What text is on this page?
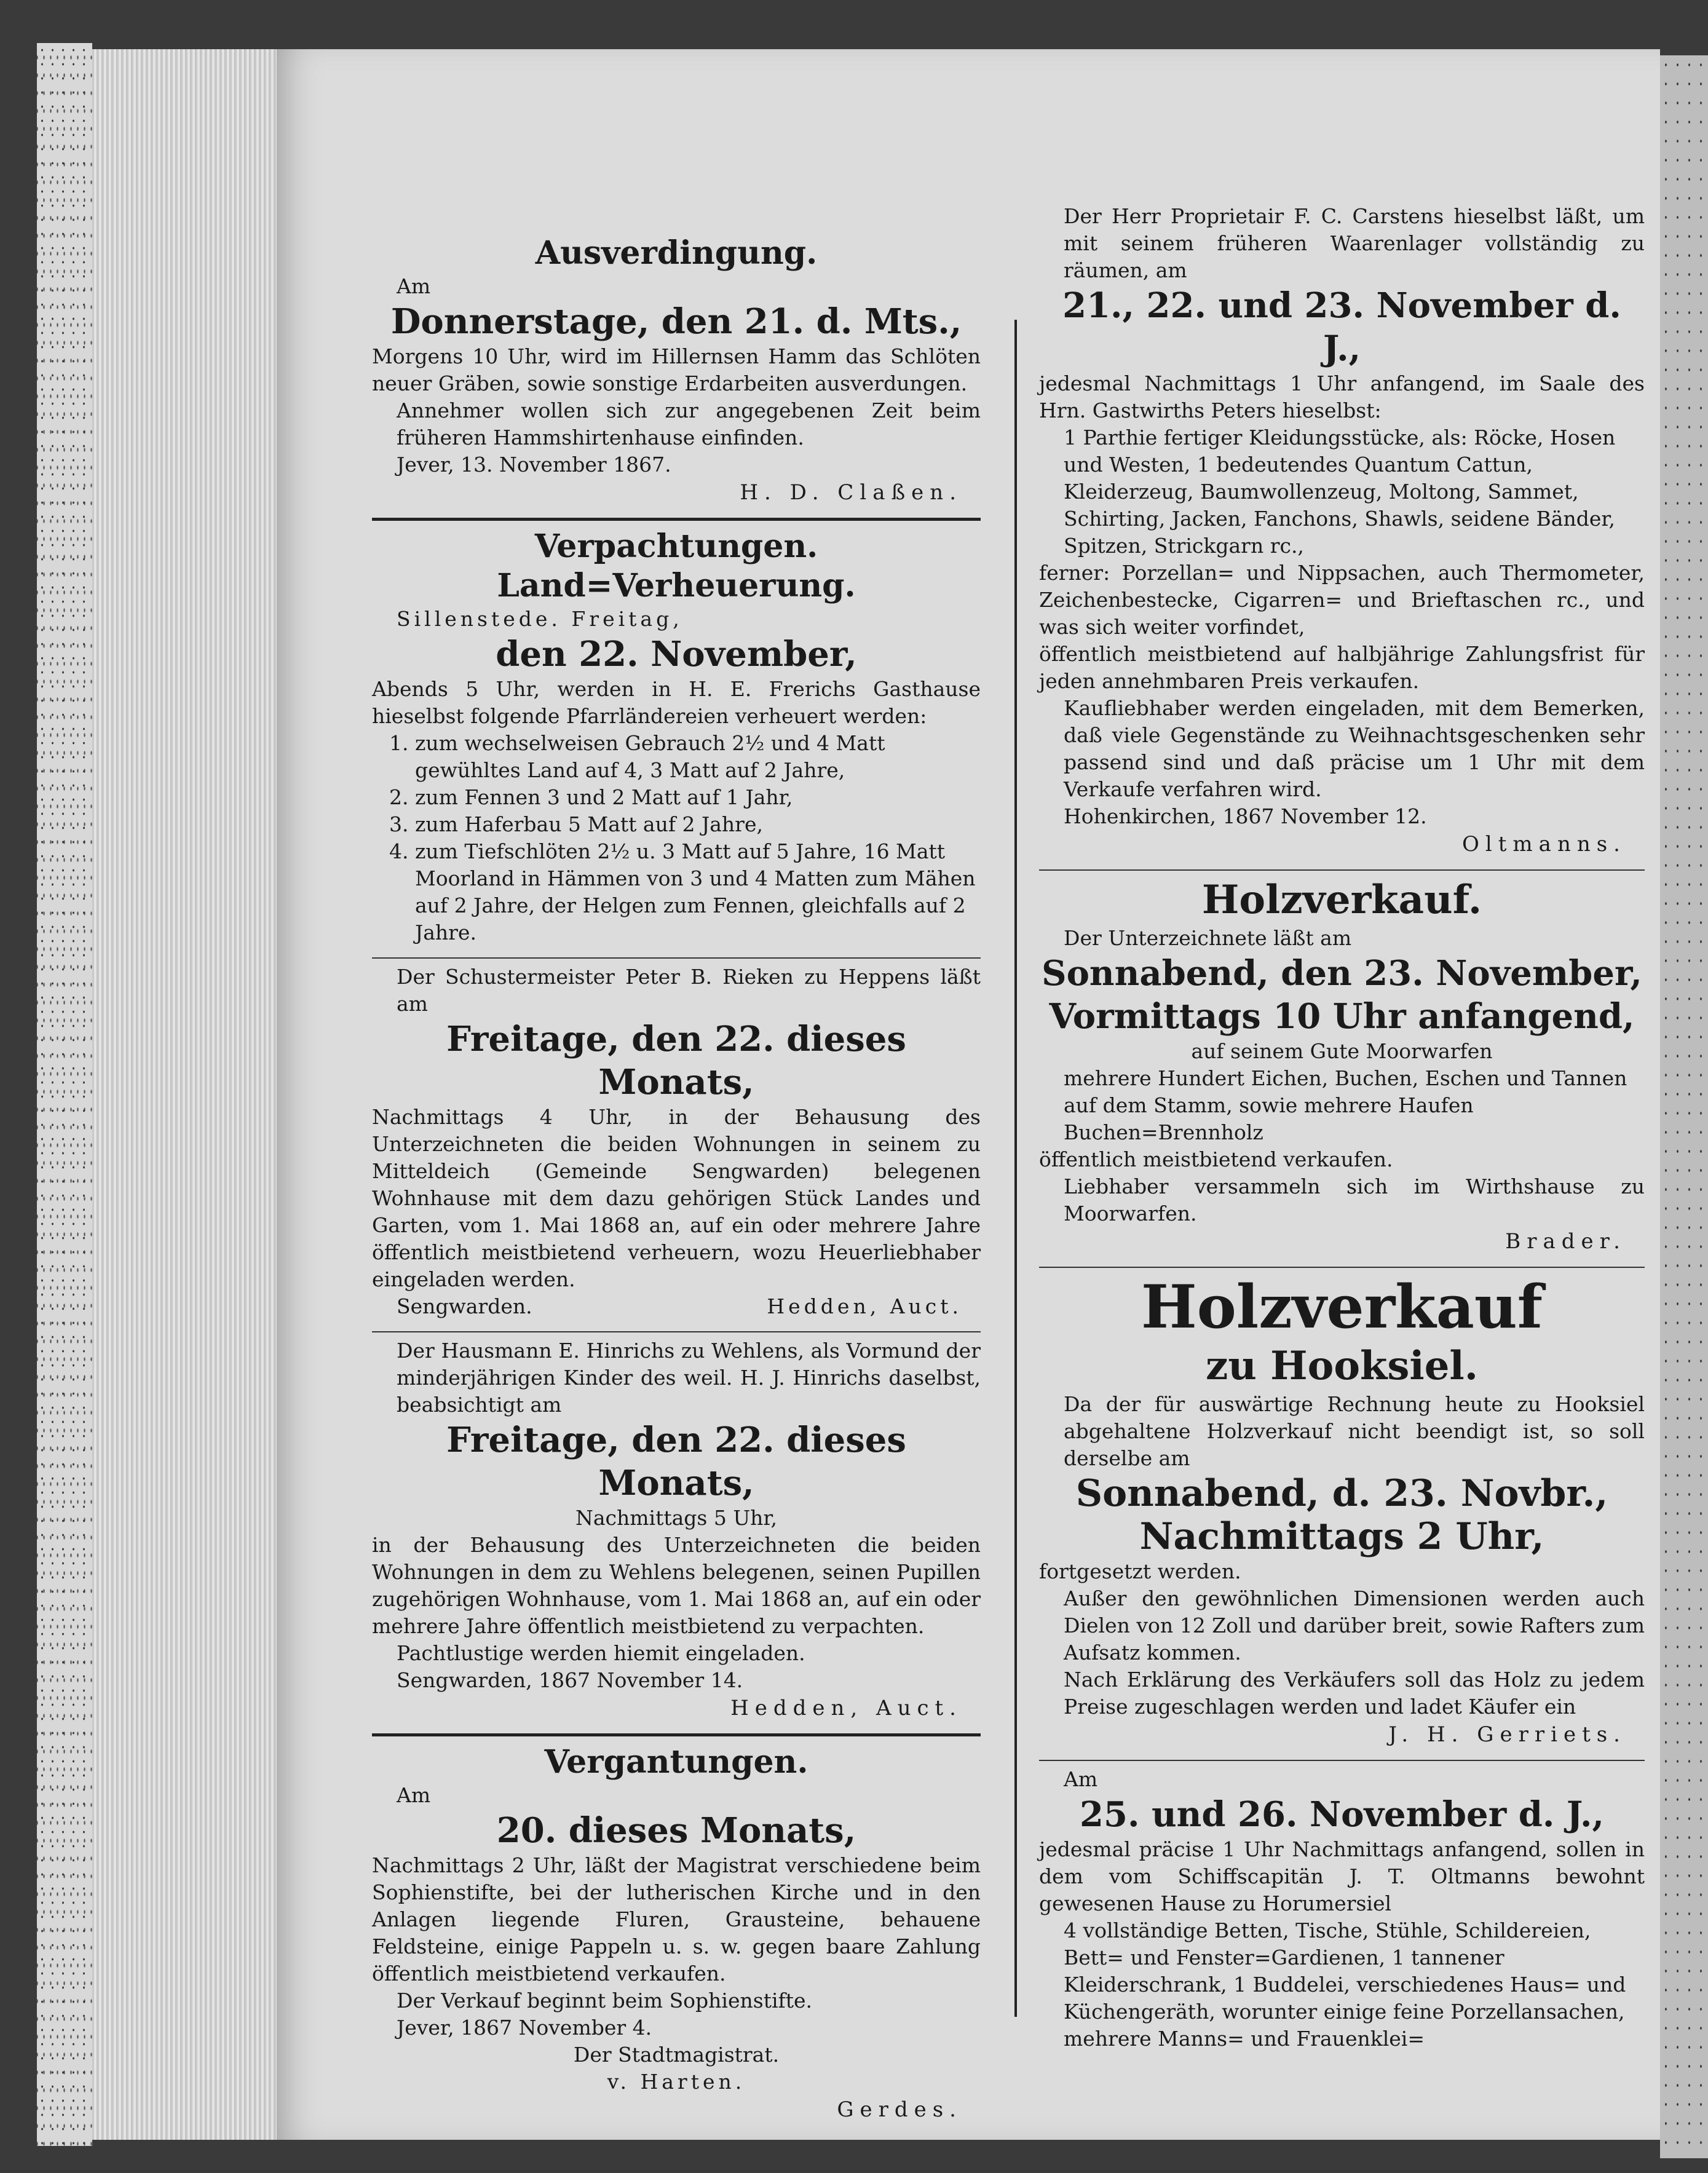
Ausverdingung.
Am
Donnerstage, den 21. d. Mts.,
Morgens 10 Uhr, wird im Hillernsen Hamm das Schlöten neuer Gräben, sowie sonstige Erdarbeiten ausverdungen.
Annehmer wollen sich zur angegebenen Zeit beim früheren Hammshirtenhause einfinden.
Jever, 13. November 1867.
H. D. Claßen.
Verpachtungen.
Land=Verheuerung.
Sillenstede. Freitag,
den 22. November,
Abends 5 Uhr, werden in H. E. Frerichs Gasthause hieselbst folgende Pfarrländereien verheuert werden:
1. zum wechselweisen Gebrauch 2½ und 4 Matt gewühltes Land auf 4, 3 Matt auf 2 Jahre,
2. zum Fennen 3 und 2 Matt auf 1 Jahr,
3. zum Haferbau 5 Matt auf 2 Jahre,
4. zum Tiefschlöten 2½ u. 3 Matt auf 5 Jahre, 16 Matt Moorland in Hämmen von 3 und 4 Matten zum Mähen auf 2 Jahre, der Helgen zum Fennen, gleichfalls auf 2 Jahre.
Der Schustermeister Peter B. Rieken zu Heppens läßt am
Freitage, den 22. dieses Monats,
Nachmittags 4 Uhr, in der Behausung des Unterzeichneten die beiden Wohnungen in seinem zu Mitteldeich (Gemeinde Sengwarden) belegenen Wohnhause mit dem dazu gehörigen Stück Landes und Garten, vom 1. Mai 1868 an, auf ein oder mehrere Jahre öffentlich meistbietend verheuern, wozu Heuerliebhaber eingeladen werden.
Sengwarden.	Hedden, Auct.
Der Hausmann E. Hinrichs zu Wehlens, als Vormund der minderjährigen Kinder des weil. H. J. Hinrichs daselbst, beabsichtigt am
Freitage, den 22. dieses Monats,
Nachmittags 5 Uhr,
in der Behausung des Unterzeichneten die beiden Wohnungen in dem zu Wehlens belegenen, seinen Pupillen zugehörigen Wohnhause, vom 1. Mai 1868 an, auf ein oder mehrere Jahre öffentlich meistbietend zu verpachten.
Pachtlustige werden hiemit eingeladen.
Sengwarden, 1867 November 14.
Hedden, Auct.
Vergantungen.
Am
20. dieses Monats,
Nachmittags 2 Uhr, läßt der Magistrat verschiedene beim Sophienstifte, bei der lutherischen Kirche und in den Anlagen liegende Fluren, Grausteine, behauene Feldsteine, einige Pappeln u. s. w. gegen baare Zahlung öffentlich meistbietend verkaufen.
Der Verkauf beginnt beim Sophienstifte.
Jever, 1867 November 4.
Der Stadtmagistrat.
v. Harten.
Gerdes.
Der Herr Proprietair F. C. Carstens hieselbst läßt, um mit seinem früheren Waarenlager vollständig zu räumen, am
21., 22. und 23. November d. J.,
jedesmal Nachmittags 1 Uhr anfangend, im Saale des Hrn. Gastwirths Peters hieselbst:
1 Parthie fertiger Kleidungsstücke, als: Röcke, Hosen und Westen, 1 bedeutendes Quantum Cattun, Kleiderzeug, Baumwollenzeug, Moltong, Sammet, Schirting, Jacken, Fanchons, Shawls, seidene Bänder, Spitzen, Strickgarn rc.,
ferner: Porzellan= und Nippsachen, auch Thermometer, Zeichenbestecke, Cigarren= und Brieftaschen rc., und was sich weiter vorfindet,
öffentlich meistbietend auf halbjährige Zahlungsfrist für jeden annehmbaren Preis verkaufen.
Kaufliebhaber werden eingeladen, mit dem Bemerken, daß viele Gegenstände zu Weihnachtsgeschenken sehr passend sind und daß präcise um 1 Uhr mit dem Verkaufe verfahren wird.
Hohenkirchen, 1867 November 12.
Oltmanns.
Holzverkauf.
Der Unterzeichnete läßt am
Sonnabend, den 23. November,
Vormittags 10 Uhr anfangend,
auf seinem Gute Moorwarfen
mehrere Hundert Eichen, Buchen, Eschen und Tannen auf dem Stamm, sowie mehrere Haufen Buchen=Brennholz
öffentlich meistbietend verkaufen.
Liebhaber versammeln sich im Wirthshause zu Moorwarfen.
Brader.
Holzverkauf
zu Hooksiel.
Da der für auswärtige Rechnung heute zu Hooksiel abgehaltene Holzverkauf nicht beendigt ist, so soll derselbe am
Sonnabend, d. 23. Novbr.,
Nachmittags 2 Uhr,
fortgesetzt werden.
Außer den gewöhnlichen Dimensionen werden auch Dielen von 12 Zoll und darüber breit, sowie Rafters zum Aufsatz kommen.
Nach Erklärung des Verkäufers soll das Holz zu jedem Preise zugeschlagen werden und ladet Käufer ein
J. H. Gerriets.
Am
25. und 26. November d. J.,
jedesmal präcise 1 Uhr Nachmittags anfangend, sollen in dem vom Schiffscapitän J. T. Oltmanns bewohnt gewesenen Hause zu Horumersiel
4 vollständige Betten, Tische, Stühle, Schildereien, Bett= und Fenster=Gardienen, 1 tannener Kleiderschrank, 1 Buddelei, verschiedenes Haus= und Küchengeräth, worunter einige feine Porzellansachen, mehrere Manns= und Frauenklei=
